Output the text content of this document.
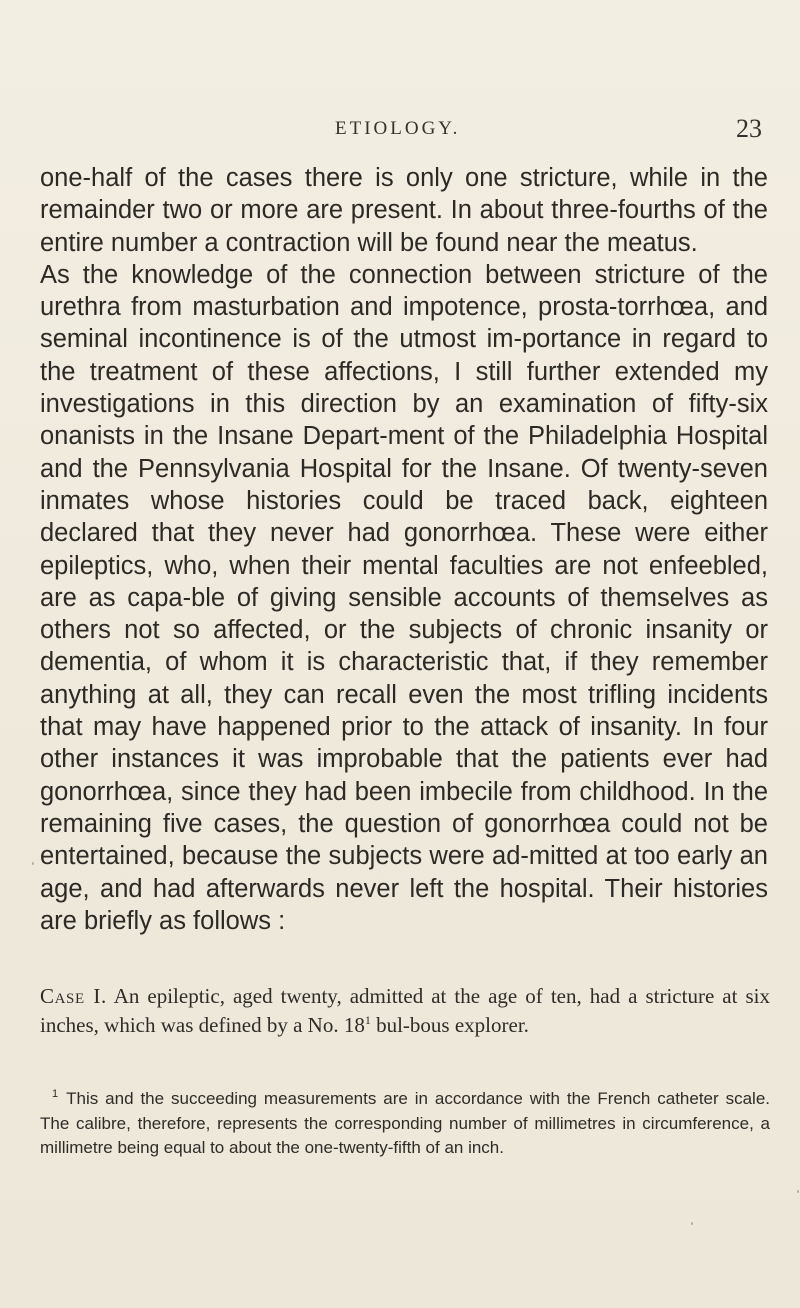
ETIOLOGY.	23

one-half of the cases there is only one stricture, while in the remainder two or more are present. In about three-fourths of the entire number a contraction will be found near the meatus.

As the knowledge of the connection between stricture of the urethra from masturbation and impotence, prosta-torrhœa, and seminal incontinence is of the utmost im-portance in regard to the treatment of these affections, I still further extended my investigations in this direction by an examination of fifty-six onanists in the Insane Depart-ment of the Philadelphia Hospital and the Pennsylvania Hospital for the Insane. Of twenty-seven inmates whose histories could be traced back, eighteen declared that they never had gonorrhœa. These were either epileptics, who, when their mental faculties are not enfeebled, are as capa-ble of giving sensible accounts of themselves as others not so affected, or the subjects of chronic insanity or dementia, of whom it is characteristic that, if they remember anything at all, they can recall even the most trifling incidents that may have happened prior to the attack of insanity. In four other instances it was improbable that the patients ever had gonorrhœa, since they had been imbecile from childhood. In the remaining five cases, the question of gonorrhœa could not be entertained, because the subjects were ad-mitted at too early an age, and had afterwards never left the hospital. Their histories are briefly as follows :

Case I. An epileptic, aged twenty, admitted at the age of ten, had a stricture at six inches, which was defined by a No. $18^1$ bul-bous explorer.
$^1$ This and the succeeding measurements are in accordance with the French catheter scale. The calibre, therefore, represents the corresponding number of millimetres in circumference, a millimetre being equal to about the one-twenty-fifth of an inch.
